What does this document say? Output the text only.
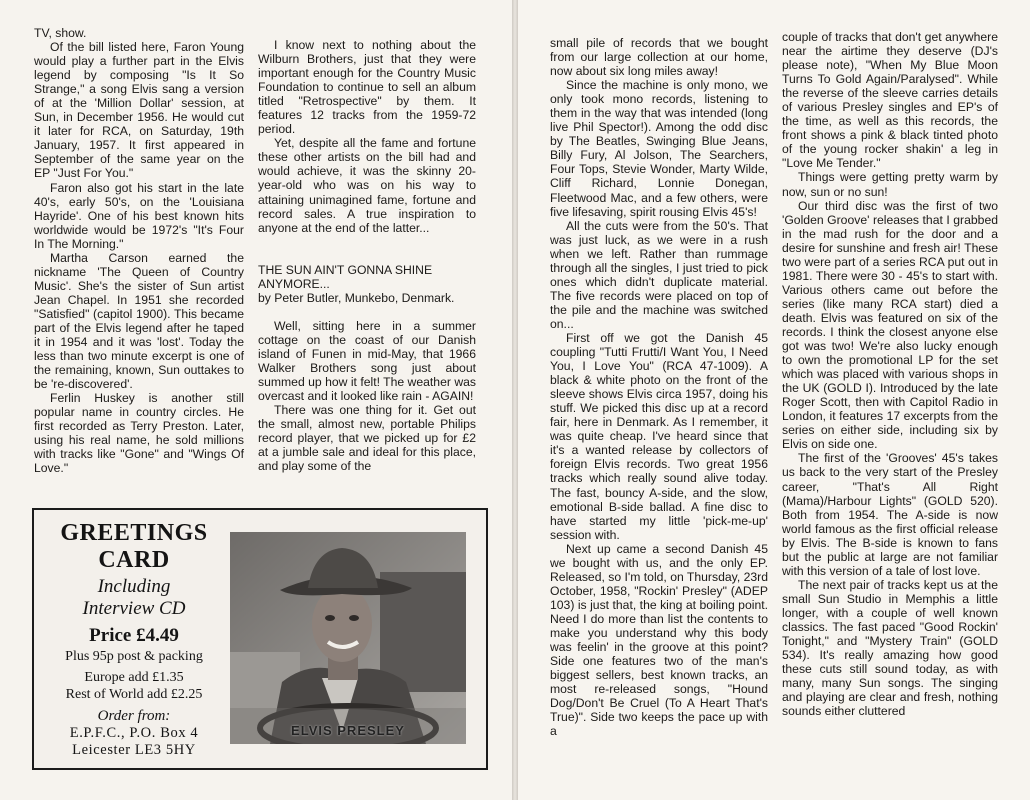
TV, show.

Of the bill listed here, Faron Young would play a further part in the Elvis legend by composing "Is It So Strange," a song Elvis sang a version of at the 'Million Dollar' session, at Sun, in December 1956. He would cut it later for RCA, on Saturday, 19th January, 1957. It first appeared in September of the same year on the EP "Just For You."

Faron also got his start in the late 40's, early 50's, on the 'Louisiana Hayride'. One of his best known hits worldwide would be 1972's "It's Four In The Morning."

Martha Carson earned the nickname 'The Queen of Country Music'. She's the sister of Sun artist Jean Chapel. In 1951 she recorded "Satisfied" (capitol 1900). This became part of the Elvis legend after he taped it in 1954 and it was 'lost'. Today the less than two minute excerpt is one of the remaining, known, Sun outtakes to be 're-discovered'.

Ferlin Huskey is another still popular name in country circles. He first recorded as Terry Preston. Later, using his real name, he sold millions with tracks like "Gone" and "Wings Of Love."

I know next to nothing about the Wilburn Brothers, just that they were important enough for the Country Music Foundation to continue to sell an album titled "Retrospective" by them. It features 12 tracks from the 1959-72 period.

Yet, despite all the fame and fortune these other artists on the bill had and would achieve, it was the skinny 20-year-old who was on his way to attaining unimagined fame, fortune and record sales. A true inspiration to anyone at the end of the latter...

THE SUN AIN'T GONNA SHINE
ANYMORE...

by Peter Butler, Munkebo, Denmark.

Well, sitting here in a summer cottage on the coast of our Danish island of Funen in mid-May, that 1966 Walker Brothers song just about summed up how it felt! The weather was overcast and it looked like rain - AGAIN!

There was one thing for it. Get out the small, almost new, portable Philips record player, that we picked up for £2 at a jumble sale and ideal for this place, and play some of the

GREETINGS
CARD
Including
Interview CD
Price £4.49
Plus 95p post & packing
Europe add £1.35
Rest of World add £2.25
Order from:
E.P.F.C., P.O. Box 4
Leicester LE3 5HY
ELVIS PRESLEY

small pile of records that we bought from our large collection at our home, now about six long miles away!

Since the machine is only mono, we only took mono records, listening to them in the way that was intended (long live Phil Spector!). Among the odd disc by The Beatles, Swinging Blue Jeans, Billy Fury, Al Jolson, The Searchers, Four Tops, Stevie Wonder, Marty Wilde, Cliff Richard, Lonnie Donegan, Fleetwood Mac, and a few others, were five lifesaving, spirit rousing Elvis 45's!

All the cuts were from the 50's. That was just luck, as we were in a rush when we left. Rather than rummage through all the singles, I just tried to pick ones which didn't duplicate material. The five records were placed on top of the pile and the machine was switched on...

First off we got the Danish 45 coupling "Tutti Frutti/I Want You, I Need You, I Love You" (RCA 47-1009). A black & white photo on the front of the sleeve shows Elvis circa 1957, doing his stuff. We picked this disc up at a record fair, here in Denmark. As I remember, it was quite cheap. I've heard since that it's a wanted release by collectors of foreign Elvis records. Two great 1956 tracks which really sound alive today. The fast, bouncy A-side, and the slow, emotional B-side ballad. A fine disc to have started my little 'pick-me-up' session with.

Next up came a second Danish 45 we bought with us, and the only EP. Released, so I'm told, on Thursday, 23rd October, 1958, "Rockin' Presley" (ADEP 103) is just that, the king at boiling point. Need I do more than list the contents to make you understand why this body was feelin' in the groove at this point? Side one features two of the man's biggest sellers, best known tracks, an most re-released songs, "Hound Dog/Don't Be Cruel (To A Heart That's True)". Side two keeps the pace up with a

couple of tracks that don't get anywhere near the airtime they deserve (DJ's please note), "When My Blue Moon Turns To Gold Again/Paralysed". While the reverse of the sleeve carries details of various Presley singles and EP's of the time, as well as this records, the front shows a pink & black tinted photo of the young rocker shakin' a leg in "Love Me Tender."

Things were getting pretty warm by now, sun or no sun!

Our third disc was the first of two 'Golden Groove' releases that I grabbed in the mad rush for the door and a desire for sunshine and fresh air! These two were part of a series RCA put out in 1981. There were 30 - 45's to start with. Various others came out before the series (like many RCA start) died a death. Elvis was featured on six of the records. I think the closest anyone else got was two! We're also lucky enough to own the promotional LP for the set which was placed with various shops in the UK (GOLD I). Introduced by the late Roger Scott, then with Capitol Radio in London, it features 17 excerpts from the series on either side, including six by Elvis on side one.

The first of the 'Grooves' 45's takes us back to the very start of the Presley career, "That's All Right (Mama)/Harbour Lights" (GOLD 520). Both from 1954. The A-side is now world famous as the first official release by Elvis. The B-side is known to fans but the public at large are not familiar with this version of a tale of lost love.

The next pair of tracks kept us at the small Sun Studio in Memphis a little longer, with a couple of well known classics. The fast paced "Good Rockin' Tonight," and "Mystery Train" (GOLD 534). It's really amazing how good these cuts still sound today, as with many, many Sun songs. The singing and playing are clear and fresh, nothing sounds either cluttered
